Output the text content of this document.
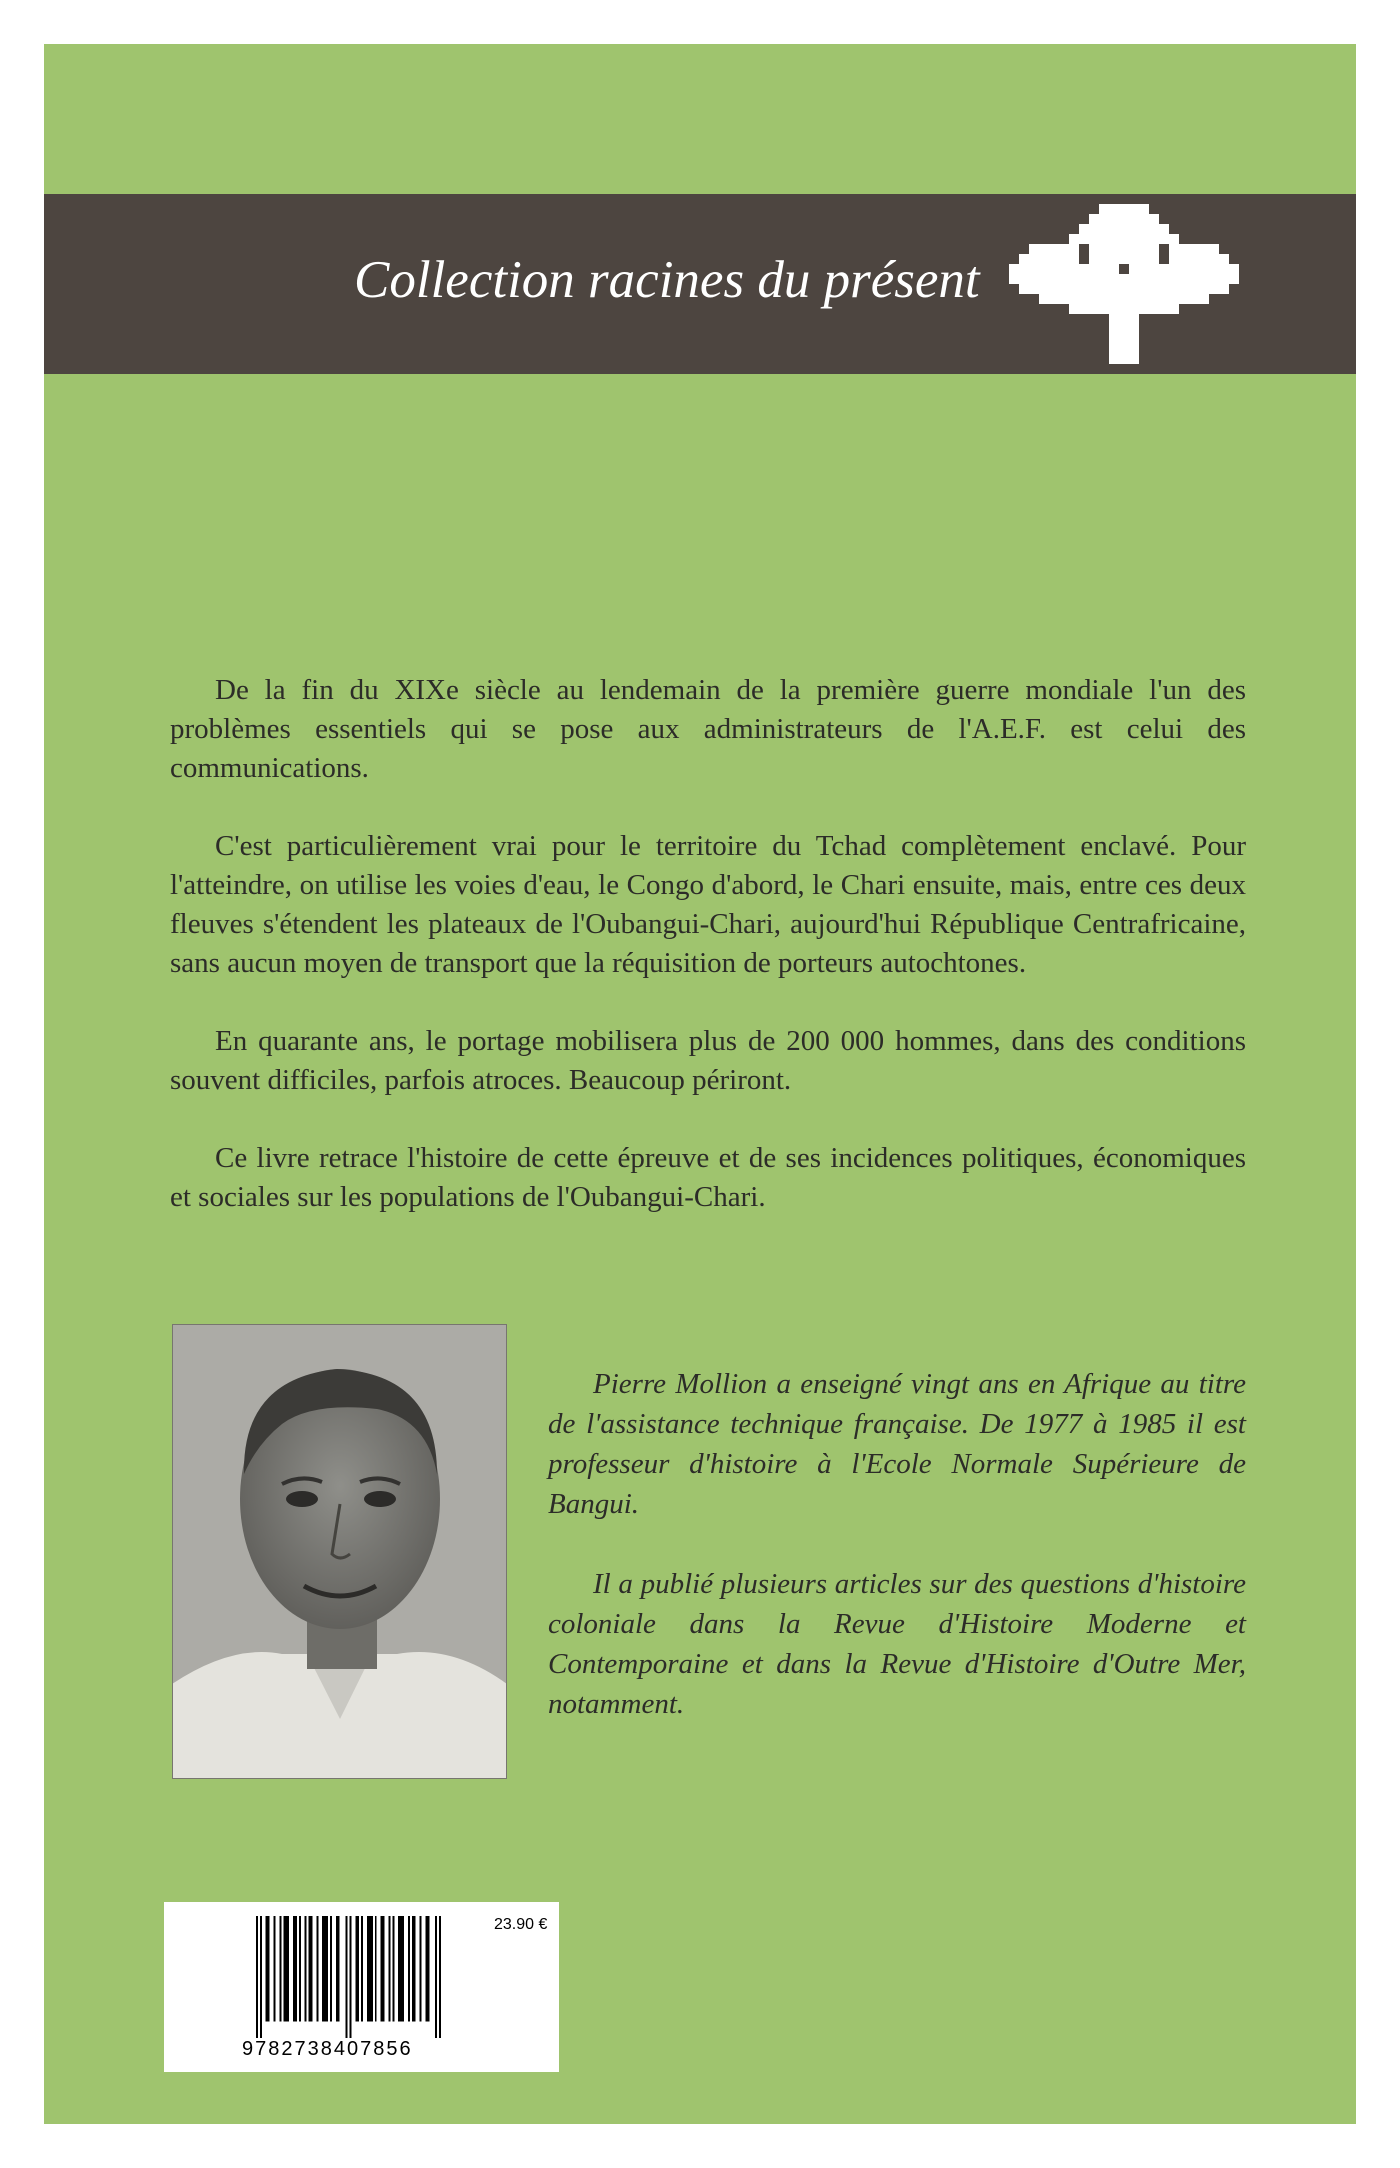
Collection racines du présent

De la fin du XIXe siècle au lendemain de la première guerre mondiale l'un des problèmes essentiels qui se pose aux administrateurs de l'A.E.F. est celui des communications.

C'est particulièrement vrai pour le territoire du Tchad complètement enclavé. Pour l'atteindre, on utilise les voies d'eau, le Congo d'abord, le Chari ensuite, mais, entre ces deux fleuves s'étendent les plateaux de l'Oubangui-Chari, aujourd'hui République Centrafricaine, sans aucun moyen de transport que la réquisition de porteurs autochtones.

En quarante ans, le portage mobilisera plus de 200 000 hommes, dans des conditions souvent difficiles, parfois atroces. Beaucoup périront.

Ce livre retrace l'histoire de cette épreuve et de ses incidences politiques, économiques et sociales sur les populations de l'Oubangui-Chari.

Pierre Mollion a enseigné vingt ans en Afrique au titre de l'assistance technique française. De 1977 à 1985 il est professeur d'histoire à l'Ecole Normale Supérieure de Bangui.

Il a publié plusieurs articles sur des questions d'histoire coloniale dans la Revue d'Histoire Moderne et Contemporaine et dans la Revue d'Histoire d'Outre Mer, notamment.

9782738407856
23.90 €
